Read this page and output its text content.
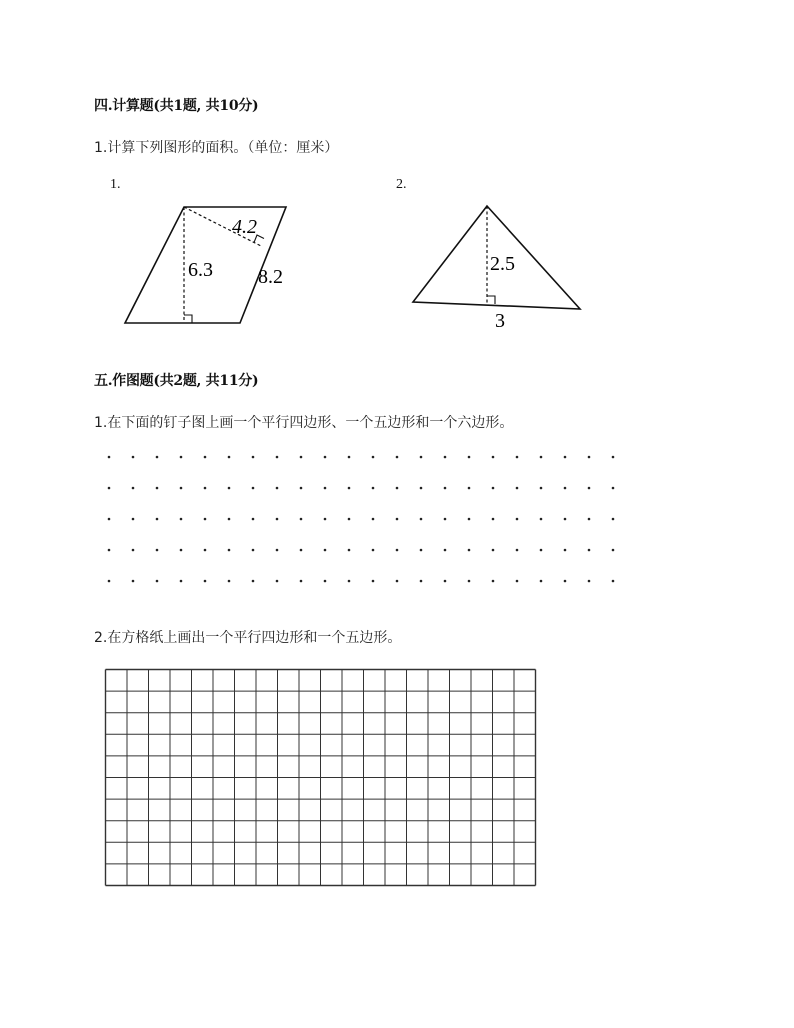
四.计算题(共1题, 共10分)
1.计算下列图形的面积。（单位：厘米）
1.	2.
4.2
6.3 8.2
2.5
3
五.作图题(共2题, 共11分)
1.在下面的钉子图上画一个平行四边形、一个五边形和一个六边形。
2.在方格纸上画出一个平行四边形和一个五边形。
